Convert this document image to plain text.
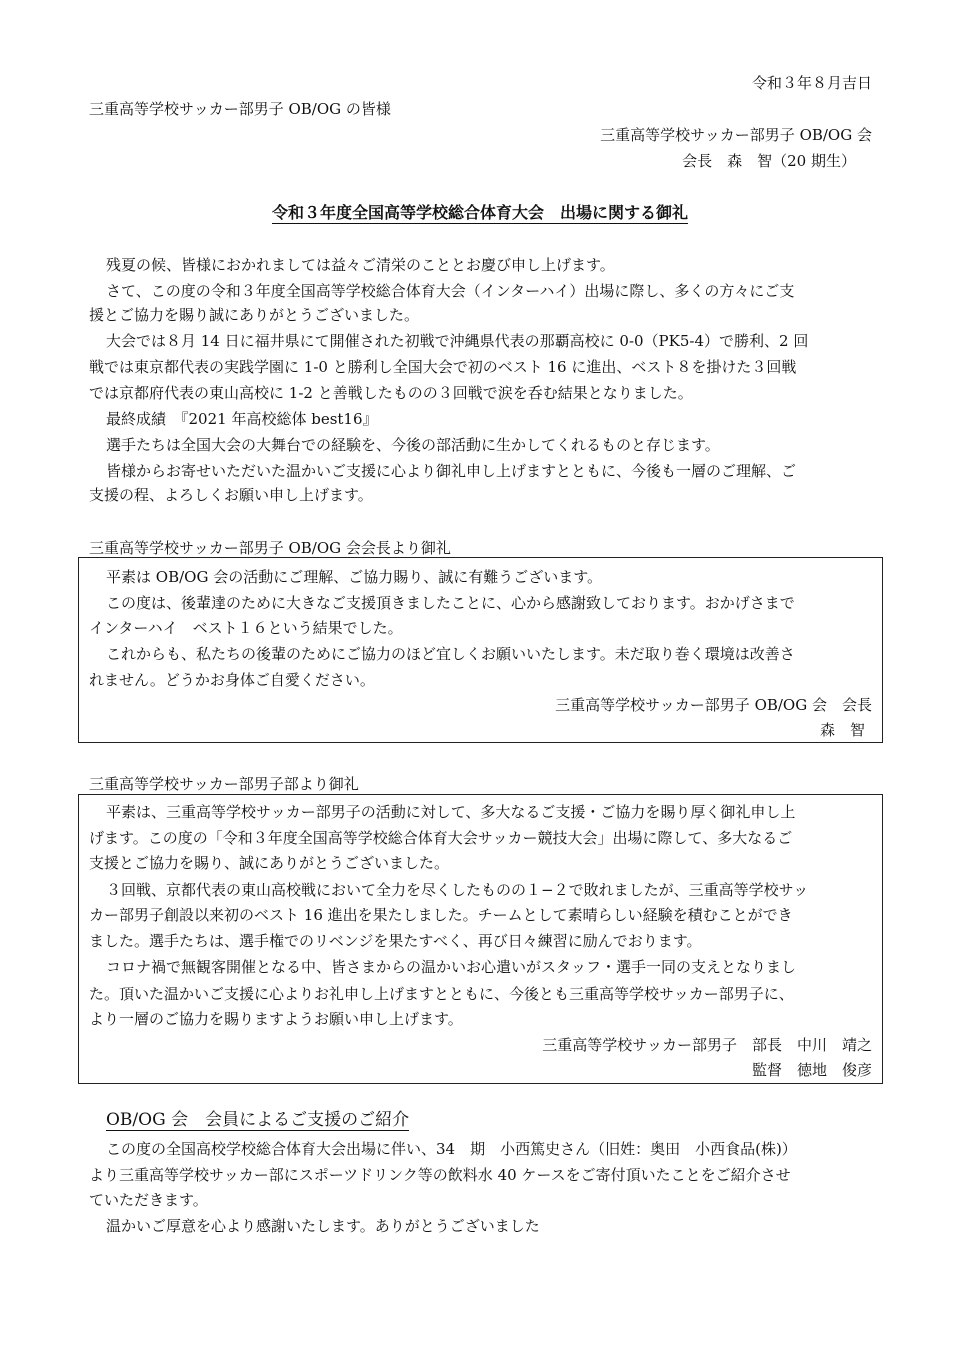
令和３年８月吉日
三重高等学校サッカー部男子 OB/OG の皆様
三重高等学校サッカー部男子 OB/OG 会
会長　森　智（20 期生）
令和３年度全国高等学校総合体育大会　出場に関する御礼
残夏の候、皆様におかれましては益々ご清栄のこととお慶び申し上げます。
さて、この度の令和３年度全国高等学校総合体育大会（インターハイ）出場に際し、多くの方々にご支
援とご協力を賜り誠にありがとうございました。
大会では８月 14 日に福井県にて開催された初戦で沖縄県代表の那覇高校に 0-0（PK5-4）で勝利、2 回
戦では東京都代表の実践学園に 1-0 と勝利し全国大会で初のベスト 16 に進出、ベスト８を掛けた３回戦
では京都府代表の東山高校に 1-2 と善戦したものの３回戦で涙を呑む結果となりました。
最終成績　『2021 年高校総体 best16』
選手たちは全国大会の大舞台での経験を、今後の部活動に生かしてくれるものと存じます。
皆様からお寄せいただいた温かいご支援に心より御礼申し上げますとともに、今後も一層のご理解、ご
支援の程、よろしくお願い申し上げます。
三重高等学校サッカー部男子 OB/OG 会会長より御礼
平素は OB/OG 会の活動にご理解、ご協力賜り、誠に有難うございます。
この度は、後輩達のために大きなご支援頂きましたことに、心から感謝致しております。おかげさまで
インターハイ　ベスト１６という結果でした。
これからも、私たちの後輩のためにご協力のほど宜しくお願いいたします。未だ取り巻く環境は改善さ
れません。どうかお身体ご自愛ください。
三重高等学校サッカー部男子 OB/OG 会　会長
森　智
三重高等学校サッカー部男子部より御礼
平素は、三重高等学校サッカー部男子の活動に対して、多大なるご支援・ご協力を賜り厚く御礼申し上
げます。この度の「令和３年度全国高等学校総合体育大会サッカー競技大会」出場に際して、多大なるご
支援とご協力を賜り、誠にありがとうございました。
３回戦、京都代表の東山高校戦において全力を尽くしたものの１−２で敗れましたが、三重高等学校サッ
カー部男子創設以来初のベスト 16 進出を果たしました。チームとして素晴らしい経験を積むことができ
ました。選手たちは、選手権でのリベンジを果たすべく、再び日々練習に励んでおります。
コロナ禍で無観客開催となる中、皆さまからの温かいお心遣いがスタッフ・選手一同の支えとなりまし
た。頂いた温かいご支援に心よりお礼申し上げますとともに、今後とも三重高等学校サッカー部男子に、
より一層のご協力を賜りますようお願い申し上げます。
三重高等学校サッカー部男子　部長　中川　靖之
監督　徳地　俊彦
OB/OG 会　会員によるご支援のご紹介
この度の全国高校学校総合体育大会出場に伴い、34　期　小西篤史さん（旧姓：奥田　小西食品(株)）
より三重高等学校サッカー部にスポーツドリンク等の飲料水 40 ケースをご寄付頂いたことをご紹介させ
ていただきます。
温かいご厚意を心より感謝いたします。ありがとうございました
